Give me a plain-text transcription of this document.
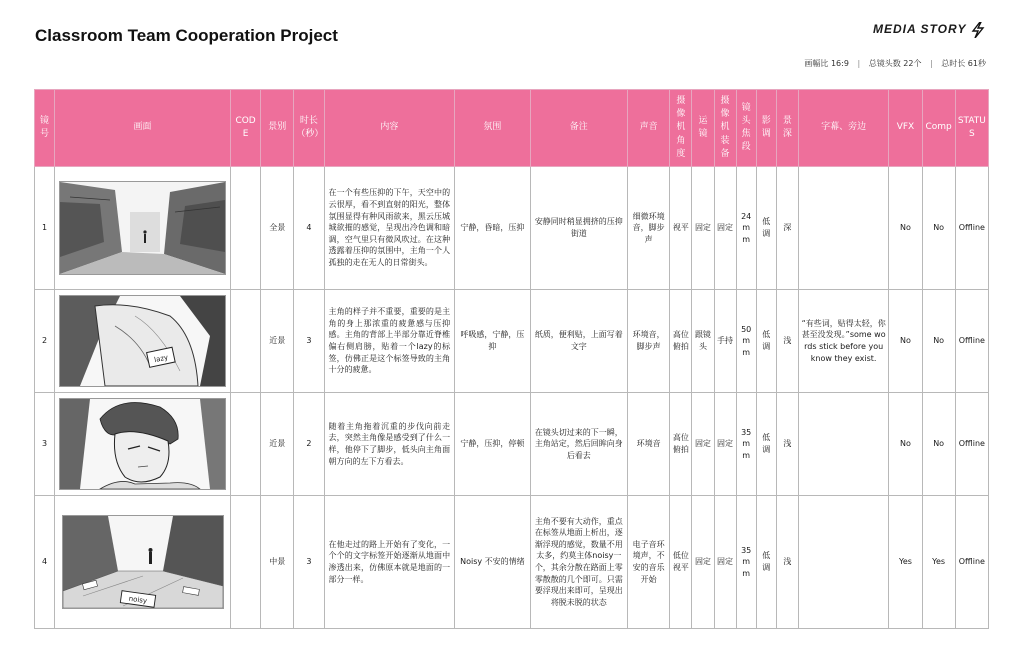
Classroom Team Cooperation Project	MEDIA STORY
画幅比 16:9 | 总镜头数 22个 | 总时长 61秒
镜号	画面	CODE	景别	时长（秒）	内容	氛围	备注	声音	摄像机角度	运镜	摄像机装备	镜头焦段	影调	景深	字幕、旁边	VFX	Comp	STATUS
1			全景	4	在一个有些压抑的下午，天空中的云很厚，看不到直射的阳光，整体氛围显得有种风雨欲来，黑云压城城欲摧的感觉，呈现出冷色调和暗调，空气里只有微风吹过。在这种透露着压抑的氛围中，主角一个人孤独的走在无人的日常街头。	宁静，昏暗，压抑	安静同时稍显拥挤的压抑街道	细微环境音，脚步声	视平	固定	固定	24mm	低调	深		No	No	Offline
2	lazy		近景	3	主角的样子并不重要，重要的是主角的身上那浓重的疲惫感与压抑感。主角的背部上半部分靠近脊椎偏右侧肩膀，贴着一个lazy的标签，仿佛正是这个标签导致的主角十分的疲惫。	呼吸感，宁静，压抑	纸质，便利贴，上面写着文字	环境音，脚步声	高位俯拍	跟镜头	手持	50mm	低调	浅	“有些词，贴得太轻，你甚至没发现。”some words stick before you know they exist.	No	No	Offline
3			近景	2	随着主角拖着沉重的步伐向前走去，突然主角像是感受到了什么一样，他停下了脚步，低头向主角面朝方向的左下方看去。	宁静，压抑，停顿	在镜头切过来的下一瞬，主角站定，然后回眸向身后看去	环境音	高位俯拍	固定	固定	35mm	低调	浅		No	No	Offline
4	noisy		中景	3	在他走过的路上开始有了变化，一个个的文字标签开始逐渐从地面中渗透出来，仿佛原本就是地面的一部分一样。	Noisy 不安的情绪	主角不要有大动作，重点在标签从地面上析出，逐渐浮现的感觉，数量不用太多，约莫主体noisy一个，其余分散在路面上零零散散的几个即可。只需要浮现出来即可，呈现出将脱未脱的状态	电子音环境声，不安的音乐开始	低位视平	固定	固定	35mm	低调	浅		Yes	Yes	Offline
